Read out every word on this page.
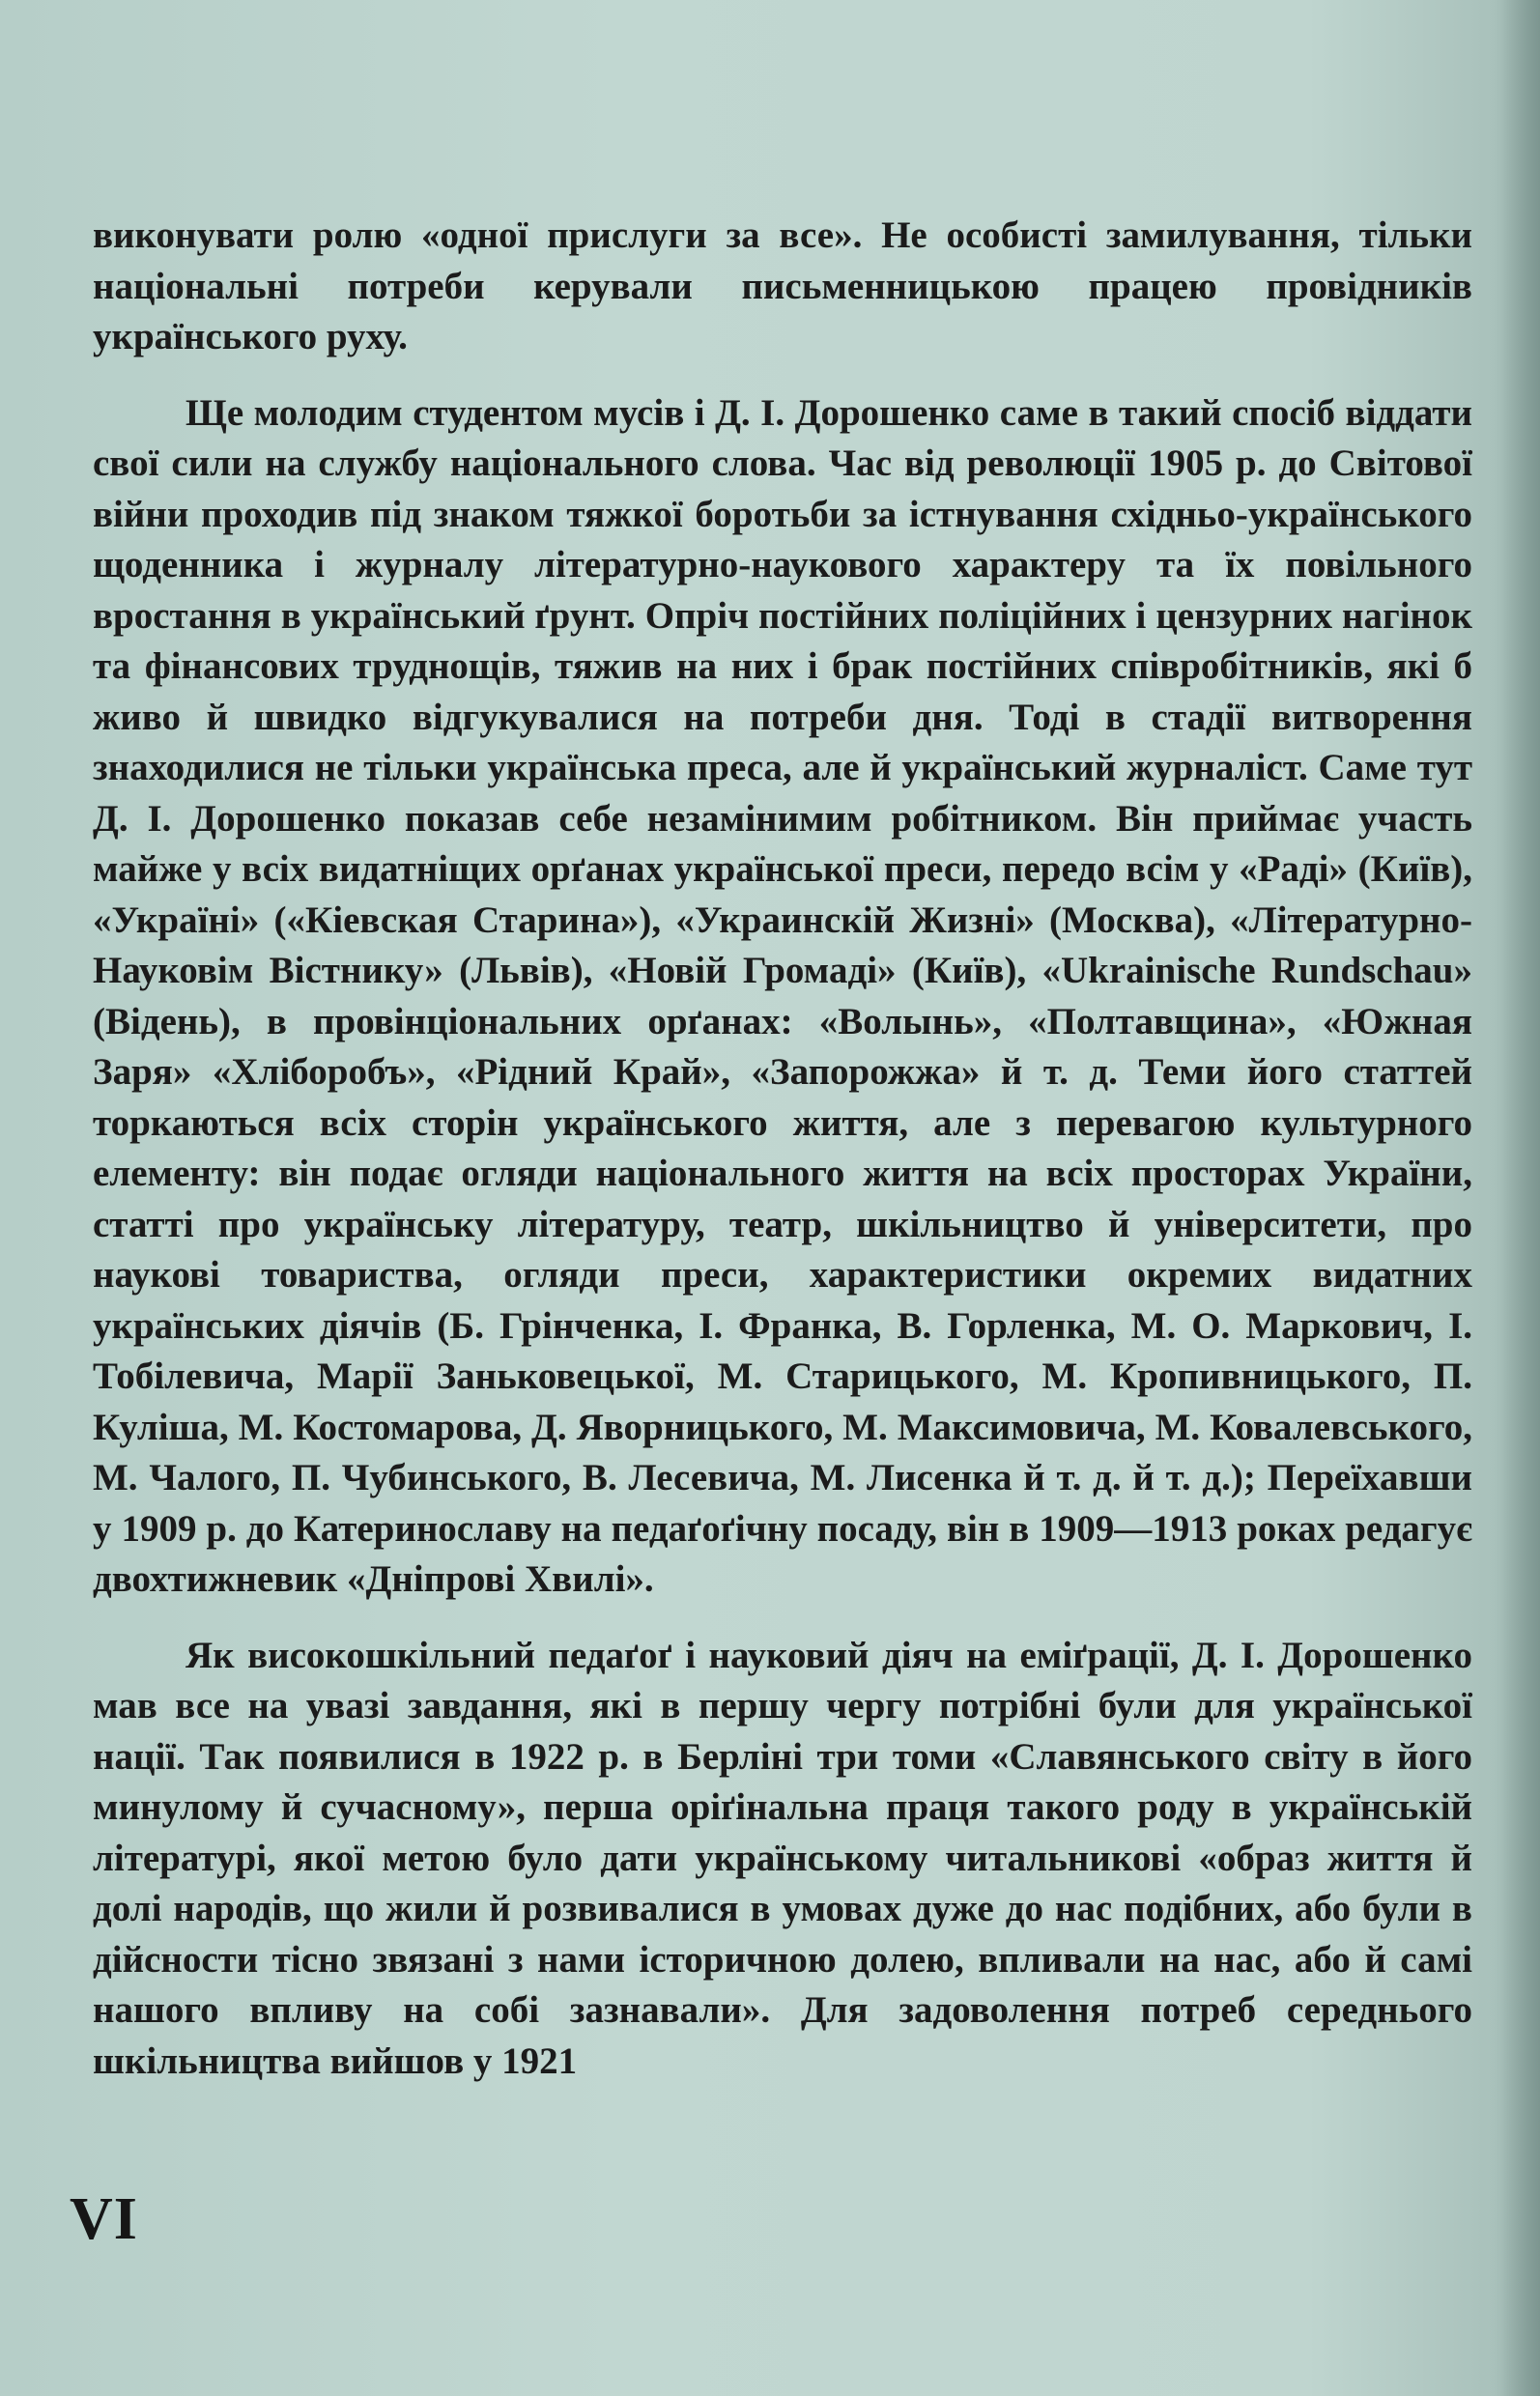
виконувати ролю «одної прислуги за все». Не особисті замилування, тільки національні потреби керували письменницькою працею провідників українського руху.

Ще молодим студентом мусів і Д. І. Дорошенко саме в такий спосіб віддати свої сили на службу національного слова. Час від революції 1905 р. до Світової війни проходив під знаком тяжкої боротьби за істнування східньо-українського щоденника і журналу літературно-наукового характеру та їх повільного вростання в український ґрунт. Опріч постійних поліційних і цензурних нагінок та фінансових труднощів, тяжив на них і брак постійних співробітників, які б живо й швидко відгукувалися на потреби дня. Тоді в стадії витворення знаходилися не тільки українська преса, але й український журналіст. Саме тут Д. І. Дорошенко показав себе незамінимим робітником. Він приймає участь майже у всіх видатніщих орґанах української преси, передо всім у «Раді» (Київ), «Україні» («Кіевская Старина»), «Украинскій Жизні» (Москва), «Літературно-Науковім Вістнику» (Львів), «Новій Громаді» (Київ), «Ukrainische Rundschau» (Відень), в провінціональних орґанах: «Волынь», «Полтавщина», «Южная Заря» «Хліборобъ», «Рідний Край», «Запорожжа» й т. д. Теми його статтей торкаються всіх сторін українського життя, але з перевагою культурного елементу: він подає огляди національного життя на всіх просторах України, статті про українську літературу, театр, шкільництво й університети, про наукові товариства, огляди преси, характеристики окремих видатних українських діячів (Б. Грінченка, І. Франка, В. Горленка, М. О. Маркович, І. Тобілевича, Марії Заньковецької, М. Старицького, М. Кропивницького, П. Куліша, М. Костомарова, Д. Яворницького, М. Максимовича, М. Ковалевського, М. Чалого, П. Чубинського, В. Лесевича, М. Лисенка й т. д. й т. д.); Переїхавши у 1909 р. до Катеринославу на педаґоґічну посаду, він в 1909—1913 роках редагує двохтижневик «Дніпрові Хвилі».

Як високошкільний педаґоґ і науковий діяч на еміґрації, Д. І. Дорошенко мав все на увазі завдання, які в першу чергу потрібні були для української нації. Так появилися в 1922 р. в Берліні три томи «Славянського світу в його минулому й сучасному», перша оріґінальна праця такого роду в українській літературі, якої метою було дати українському читальникові «образ життя й долі народів, що жили й розвивалися в умовах дуже до нас подібних, або були в дійсности тісно звязані з нами історичною долею, впливали на нас, або й самі нашого впливу на собі зазнавали». Для задоволення потреб середнього шкільництва вийшов у 1921

VI
